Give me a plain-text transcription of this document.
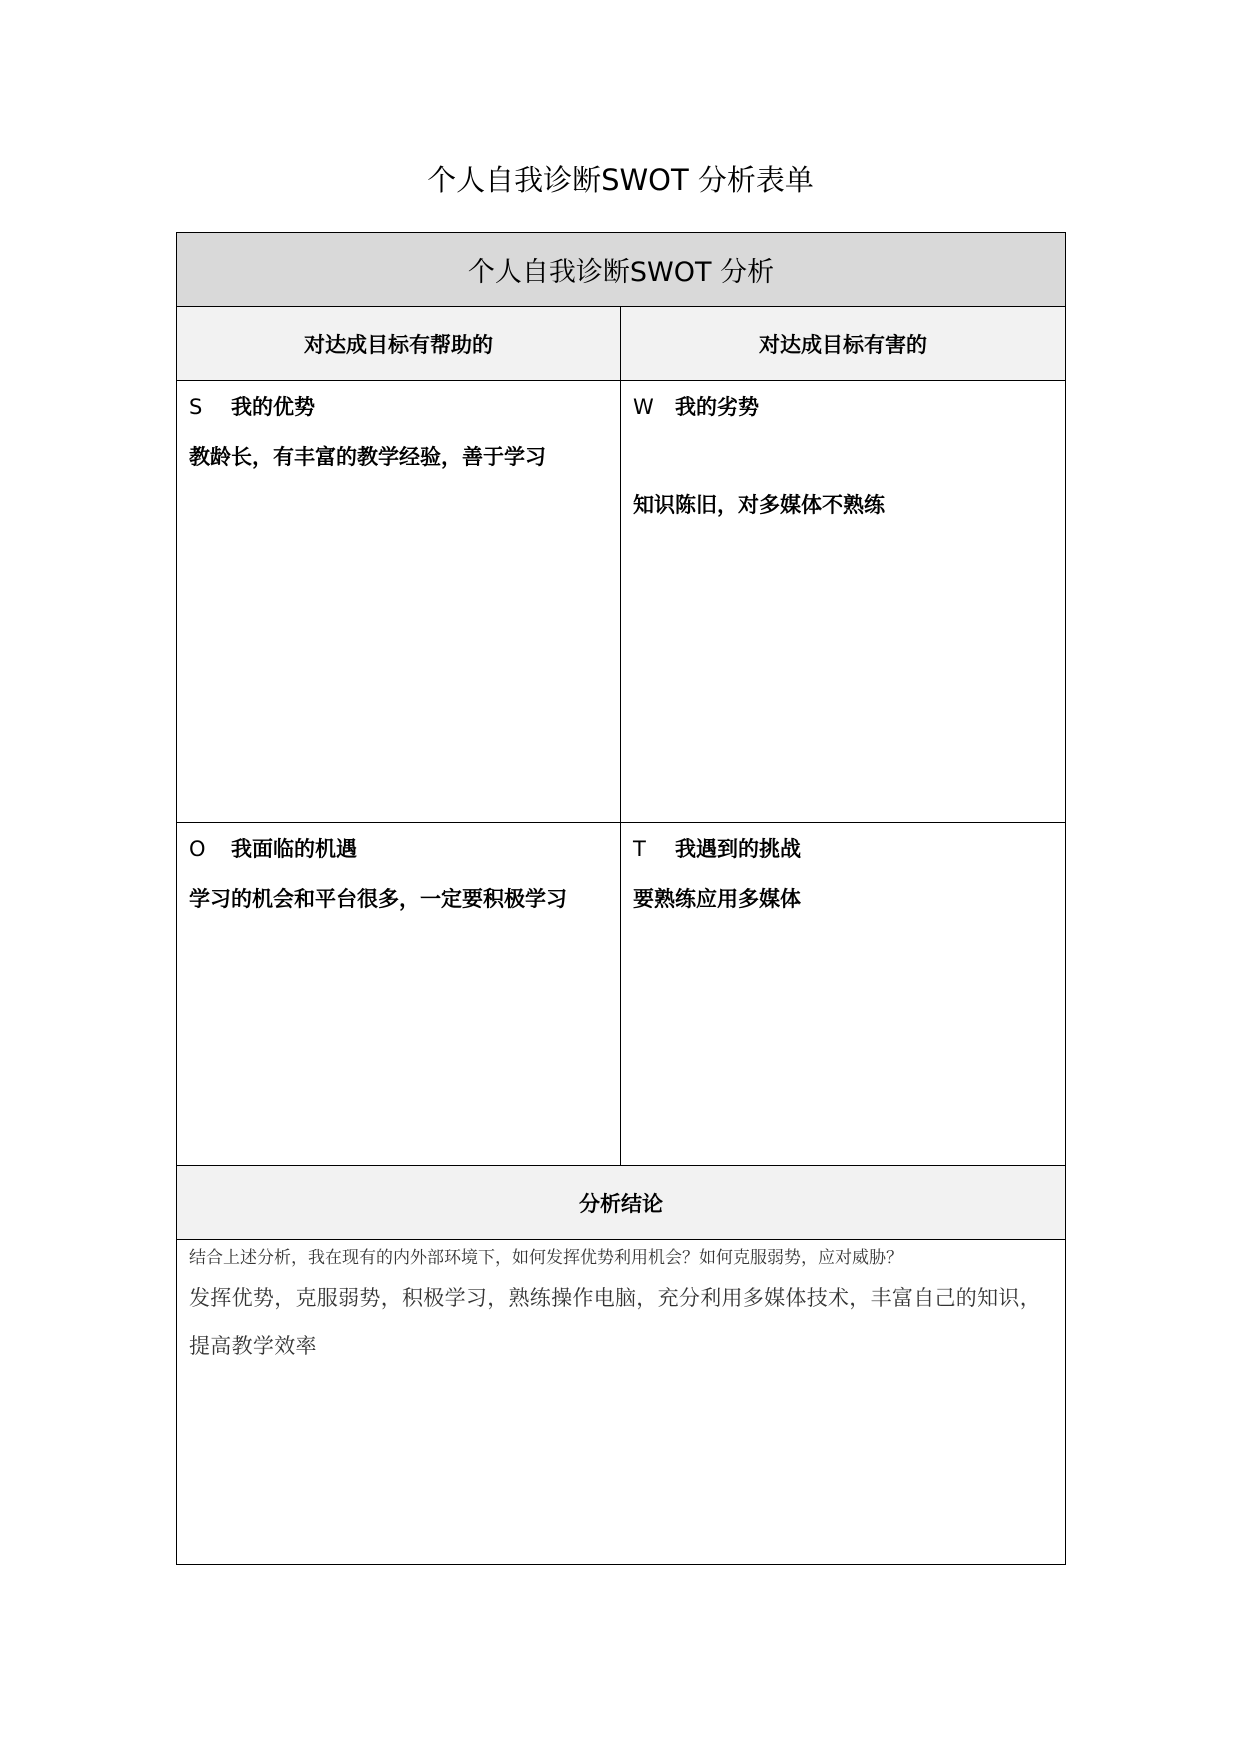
个人自我诊断SWOT 分析表单
个人自我诊断SWOT 分析
对达成目标有帮助的	对达成目标有害的
S 我的优势
教龄长，有丰富的教学经验，善于学习
W 我的劣势
知识陈旧，对多媒体不熟练
O 我面临的机遇
学习的机会和平台很多，一定要积极学习
T 我遇到的挑战
要熟练应用多媒体
分析结论
结合上述分析，我在现有的内外部环境下，如何发挥优势利用机会？如何克服弱势，应对威胁？
发挥优势，克服弱势，积极学习，熟练操作电脑，充分利用多媒体技术，丰富自己的知识，提高教学效率
